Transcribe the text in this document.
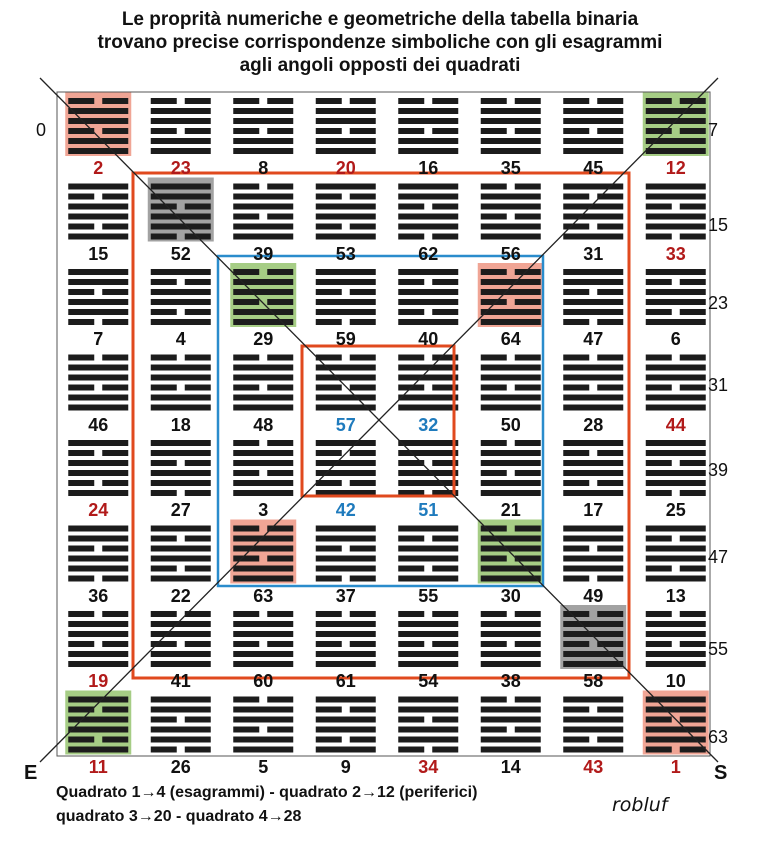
Le proprità numeriche e geometriche della tabella binaria
trovano precise corrispondenze simboliche con gli esagrammi
agli angoli opposti dei quadrati
2	23	8	20	16	35	45	12
15	52	39	53	62	56	31	33
7	4	29	59	40	64	47	6
46	18	48	57	32	50	28	44
24	27	3	42	51	21	17	25
36	22	63	37	55	30	49	13
19	41	60	61	54	38	58	10
11	26	5	9	34	14	43	1
0	7
15
23
31
39
47
55
63
E	S
Quadrato 1→4 (esagrammi) - quadrato 2→12 (periferici)
quadrato 3→20 - quadrato 4→28
robluf
